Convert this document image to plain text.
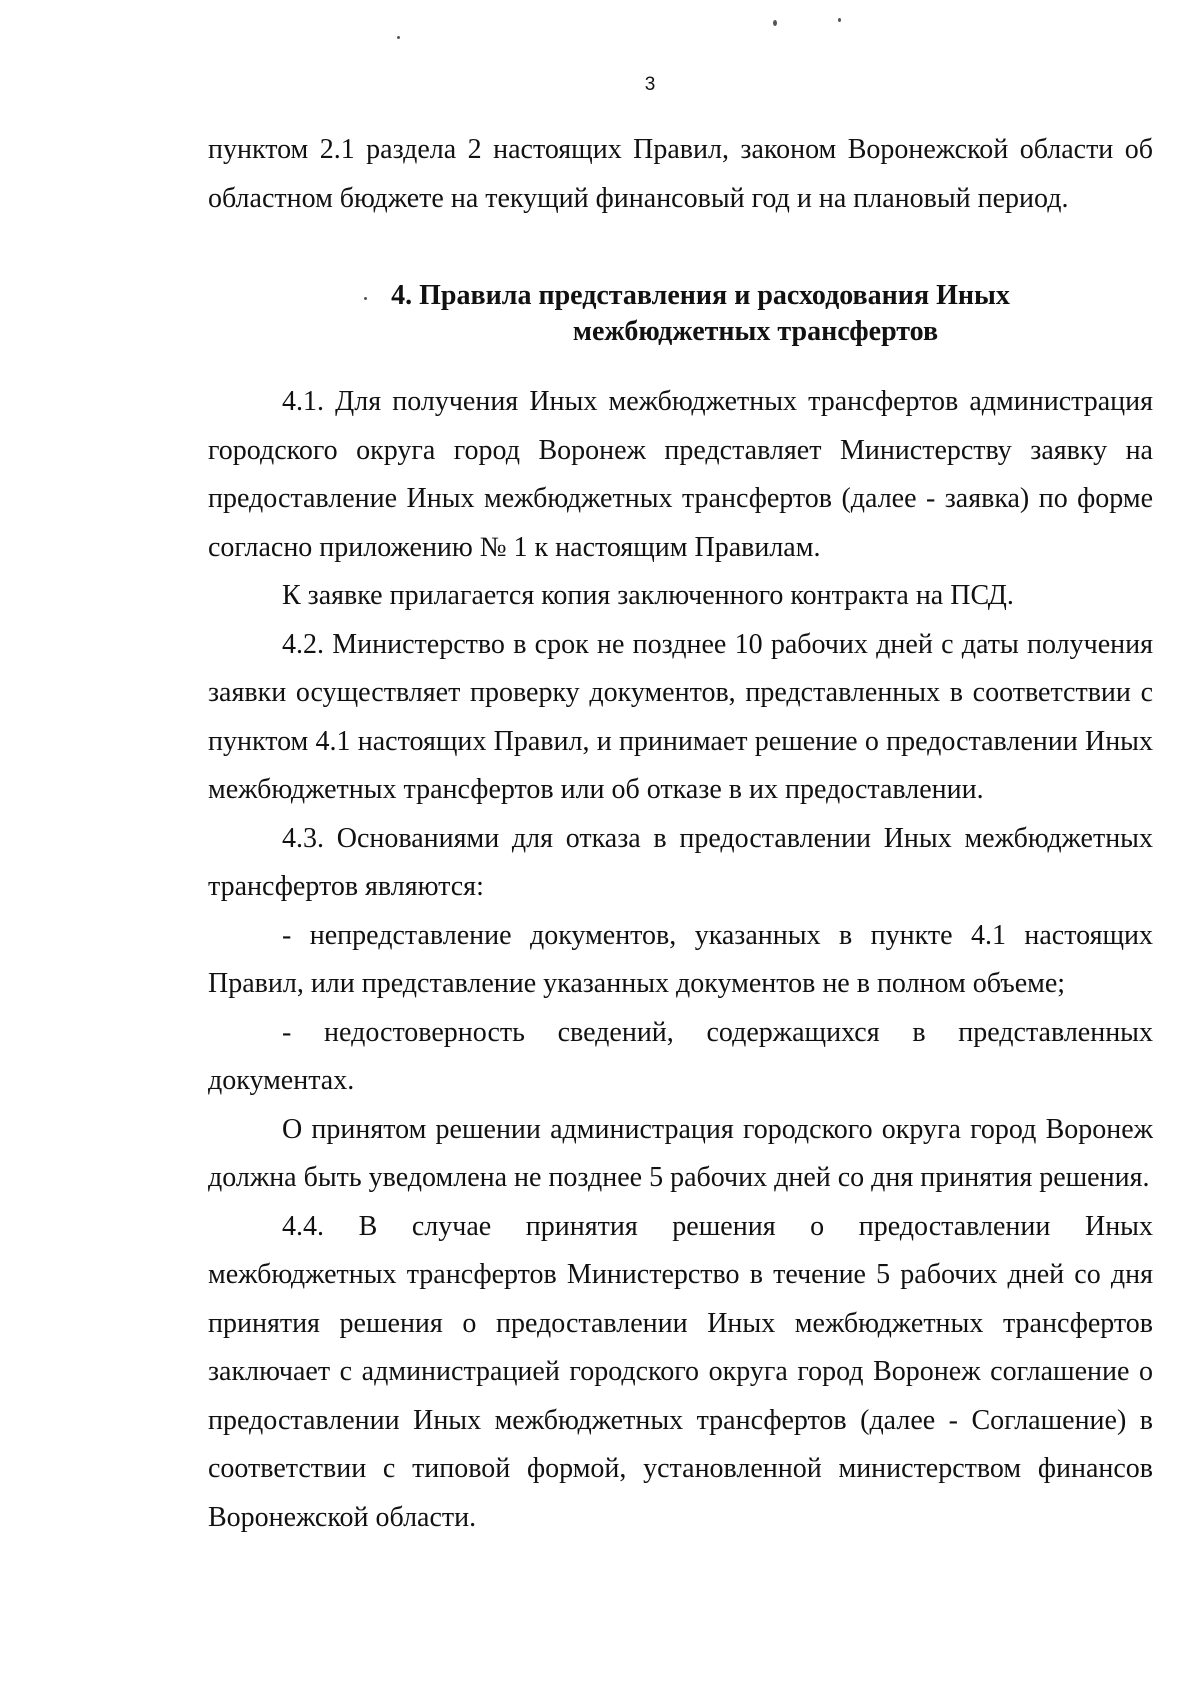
3

пунктом 2.1 раздела 2 настоящих Правил, законом Воронежской области об областном бюджете на текущий финансовый год и на плановый период.

4. Правила представления и расходования Иных
межбюджетных трансфертов

4.1. Для получения Иных межбюджетных трансфертов администрация городского округа город Воронеж представляет Министерству заявку на предоставление Иных межбюджетных трансфертов (далее - заявка) по форме согласно приложению № 1 к настоящим Правилам.

К заявке прилагается копия заключенного контракта на ПСД.

4.2. Министерство в срок не позднее 10 рабочих дней с даты получения заявки осуществляет проверку документов, представленных в соответствии с пунктом 4.1 настоящих Правил, и принимает решение о предоставлении Иных межбюджетных трансфертов или об отказе в их предоставлении.

4.3. Основаниями для отказа в предоставлении Иных межбюджетных трансфертов являются:

- непредставление документов, указанных в пункте 4.1 настоящих Правил, или представление указанных документов не в полном объеме;

- недостоверность сведений, содержащихся в представленных документах.

О принятом решении администрация городского округа город Воронеж должна быть уведомлена не позднее 5 рабочих дней со дня принятия решения.

4.4. В случае принятия решения о предоставлении Иных межбюджетных трансфертов Министерство в течение 5 рабочих дней со дня принятия решения о предоставлении Иных межбюджетных трансфертов заключает с администрацией городского округа город Воронеж соглашение о предоставлении Иных межбюджетных трансфертов (далее - Соглашение) в соответствии с типовой формой, установленной министерством финансов Воронежской области.
